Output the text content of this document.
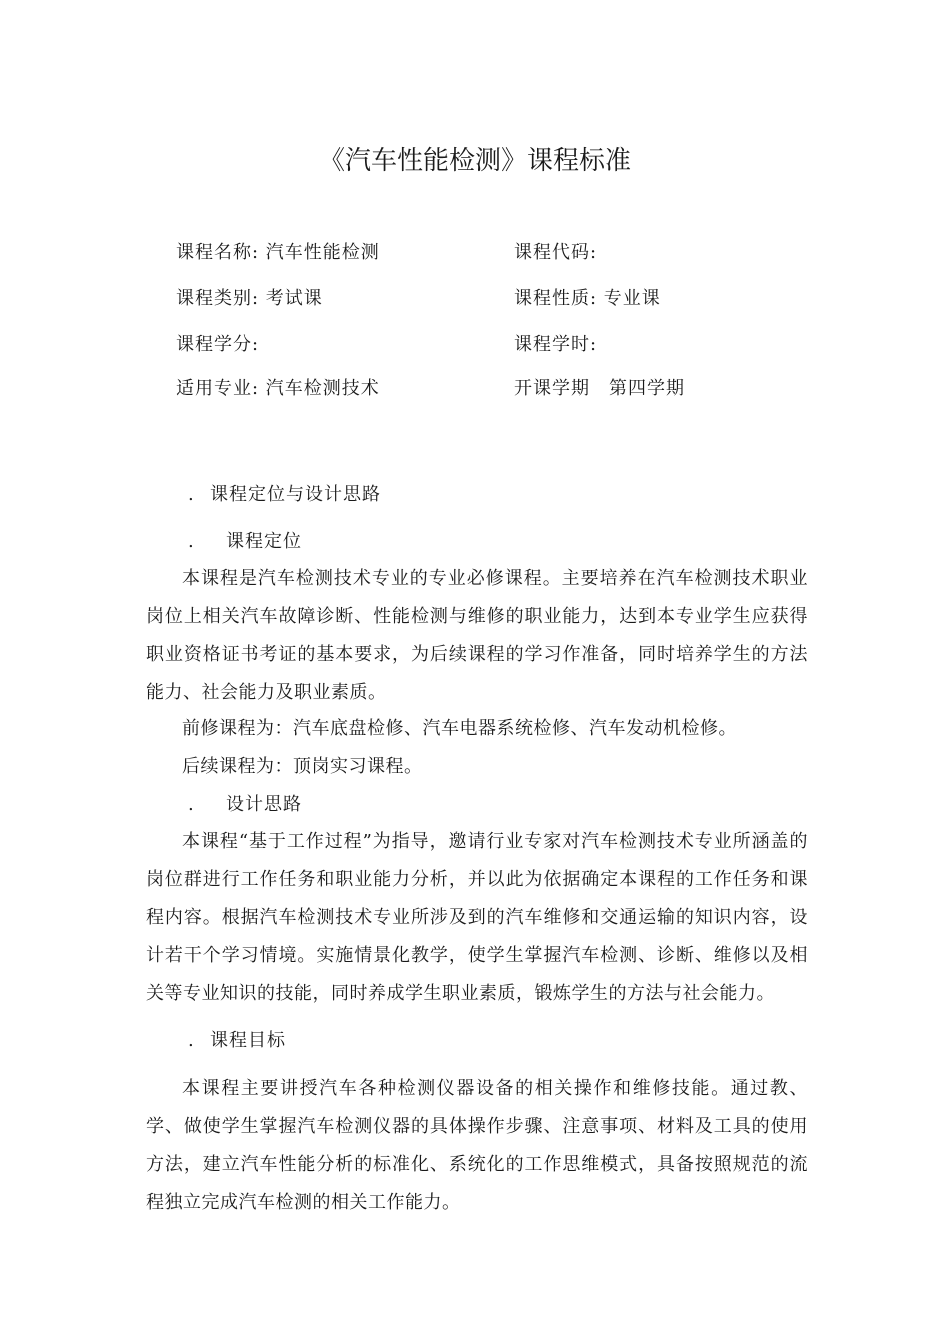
《汽车性能检测》课程标准
课程名称: 汽车性能检测	课程代码:
课程类别: 考试课	课程性质: 专业课
课程学分:	课程学时:
适用专业: 汽车检测技术	开课学期　第四学期
. 课程定位与设计思路
. 课程定位
本课程是汽车检测技术专业的专业必修课程。主要培养在汽车检测技术职业岗位上相关汽车故障诊断、性能检测与维修的职业能力，达到本专业学生应获得职业资格证书考证的基本要求，为后续课程的学习作准备，同时培养学生的方法能力、社会能力及职业素质。
前修课程为：汽车底盘检修、汽车电器系统检修、汽车发动机检修。
后续课程为：顶岗实习课程。
. 设计思路
本课程“基于工作过程”为指导，邀请行业专家对汽车检测技术专业所涵盖的岗位群进行工作任务和职业能力分析，并以此为依据确定本课程的工作任务和课程内容。根据汽车检测技术专业所涉及到的汽车维修和交通运输的知识内容，设计若干个学习情境。实施情景化教学，使学生掌握汽车检测、诊断、维修以及相关等专业知识的技能，同时养成学生职业素质，锻炼学生的方法与社会能力。
. 课程目标
本课程主要讲授汽车各种检测仪器设备的相关操作和维修技能。通过教、学、做使学生掌握汽车检测仪器的具体操作步骤、注意事项、材料及工具的使用方法，建立汽车性能分析的标准化、系统化的工作思维模式，具备按照规范的流程独立完成汽车检测的相关工作能力。
